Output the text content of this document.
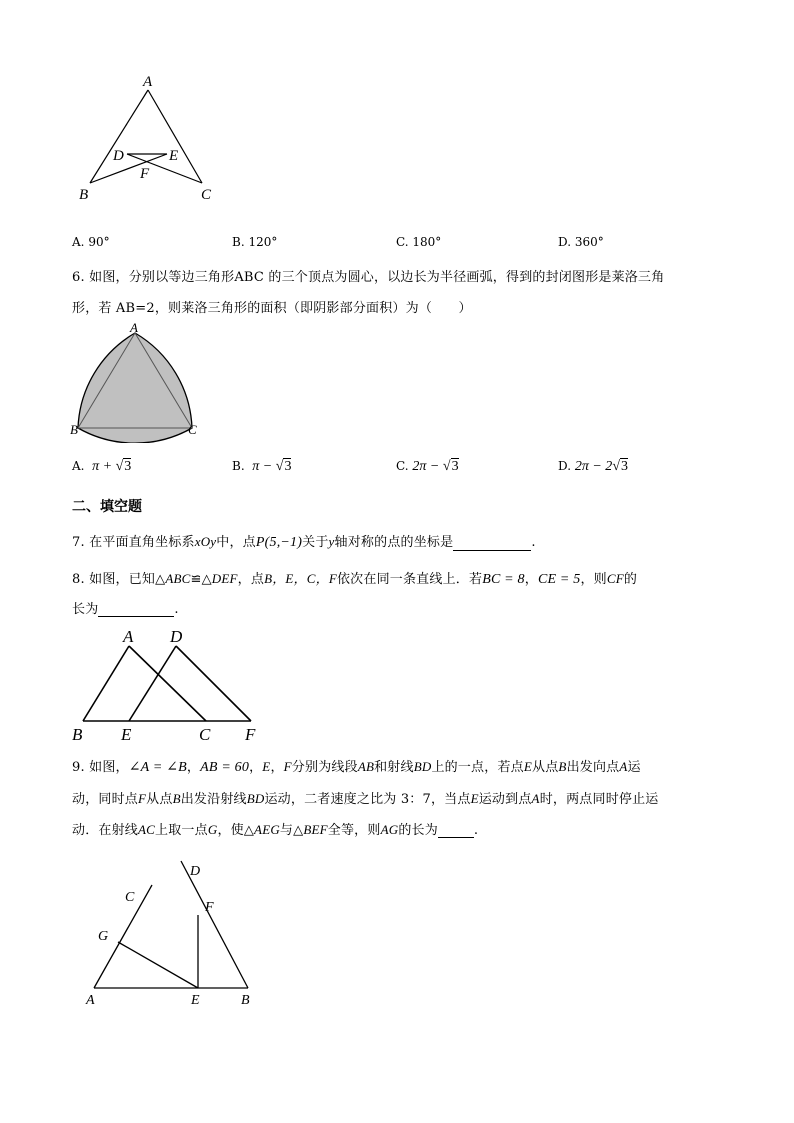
A
D	E
F
B	C
A. 90°	B. 120°	C. 180°	D. 360°
6. 如图，分别以等边三角形ABC 的三个顶点为圆心，以边长为半径画弧，得到的封闭图形是莱洛三角
形，若 AB=2，则莱洛三角形的面积（即阴影部分面积）为（　　）
A
B	C
A. π + √3	B. π − √3	C. 2π − √3	D. 2π − 2√3
二、填空题
7. 在平面直角坐标系xOy中，点P(5,−1)关于y轴对称的点的坐标是	.
8. 如图，已知△ABC≌△DEF，点B，E，C，F依次在同一条直线上．若BC = 8，CE = 5，则CF的
长为	.
A D
B E	C F
9. 如图，∠A = ∠B，AB = 60，E，F分别为线段AB和射线BD上的一点，若点E从点B出发向点A运
动，同时点F从点B出发沿射线BD运动，二者速度之比为 3：7，当点E运动到点A时，两点同时停止运
动．在射线AC上取一点G，使△AEG与△BEF全等，则AG的长为	.
D
C
F
G
A	E	B
